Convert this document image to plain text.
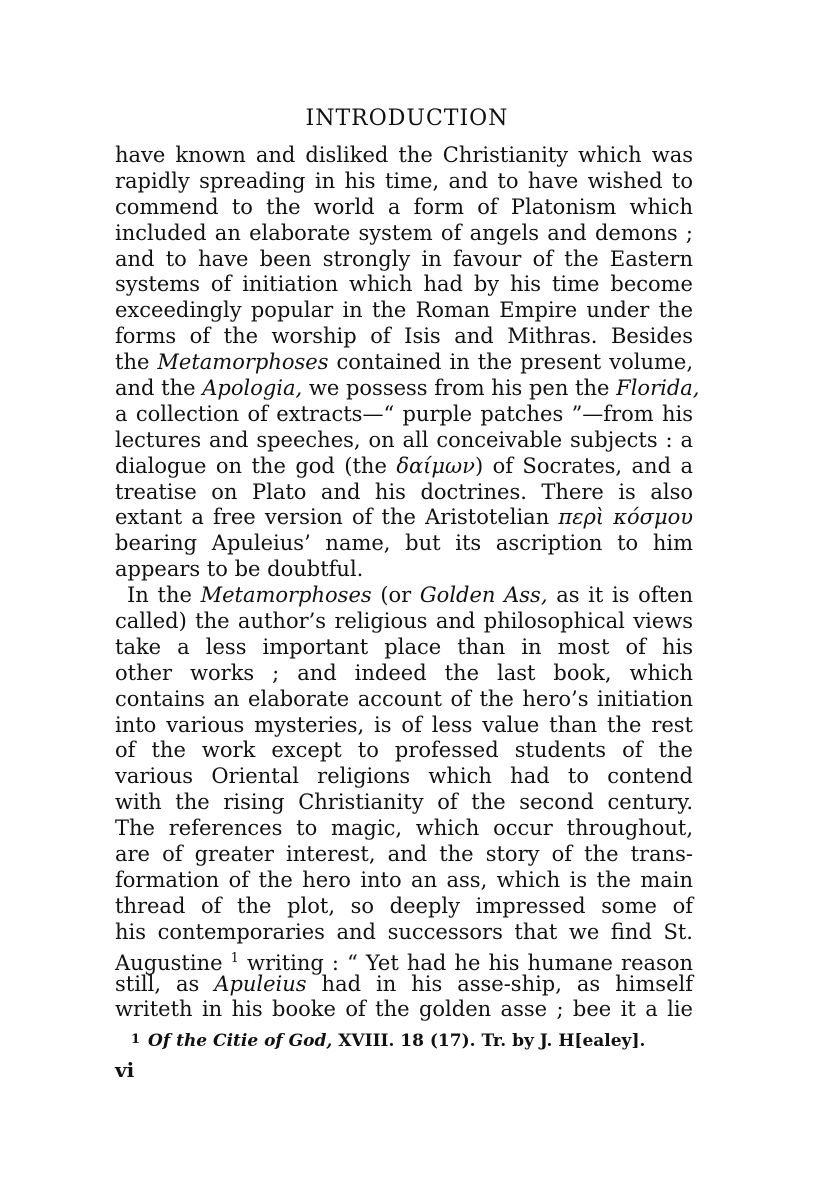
INTRODUCTION
have known and disliked the Christianity which was
rapidly spreading in his time, and to have wished to
commend to the world a form of Platonism which
included an elaborate system of angels and demons ;
and to have been strongly in favour of the Eastern
systems of initiation which had by his time become
exceedingly popular in the Roman Empire under the
forms of the worship of Isis and Mithras. Besides
the Metamorphoses contained in the present volume,
and the Apologia, we possess from his pen the Florida,
a collection of extracts—“ purple patches ”—from his
lectures and speeches, on all conceivable subjects : a
dialogue on the god (the δαίμων) of Socrates, and a
treatise on Plato and his doctrines. There is also
extant a free version of the Aristotelian περὶ κόσμου
bearing Apuleius’ name, but its ascription to him
appears to be doubtful.
In the Metamorphoses (or Golden Ass, as it is often
called) the author’s religious and philosophical views
take a less important place than in most of his
other works ; and indeed the last book, which
contains an elaborate account of the hero’s initiation
into various mysteries, is of less value than the rest
of the work except to professed students of the
various Oriental religions which had to contend
with the rising Christianity of the second century.
The references to magic, which occur throughout,
are of greater interest, and the story of the trans-
formation of the hero into an ass, which is the main
thread of the plot, so deeply impressed some of
his contemporaries and successors that we find St.
Augustine $^1$ writing : “ Yet had he his humane reason
still, as Apuleius had in his asse-ship, as himself
writeth in his booke of the golden asse ; bee it a lie
1 Of the Citie of God, XVIII. 18 (17). Tr. by J. H[ealey].
vi
